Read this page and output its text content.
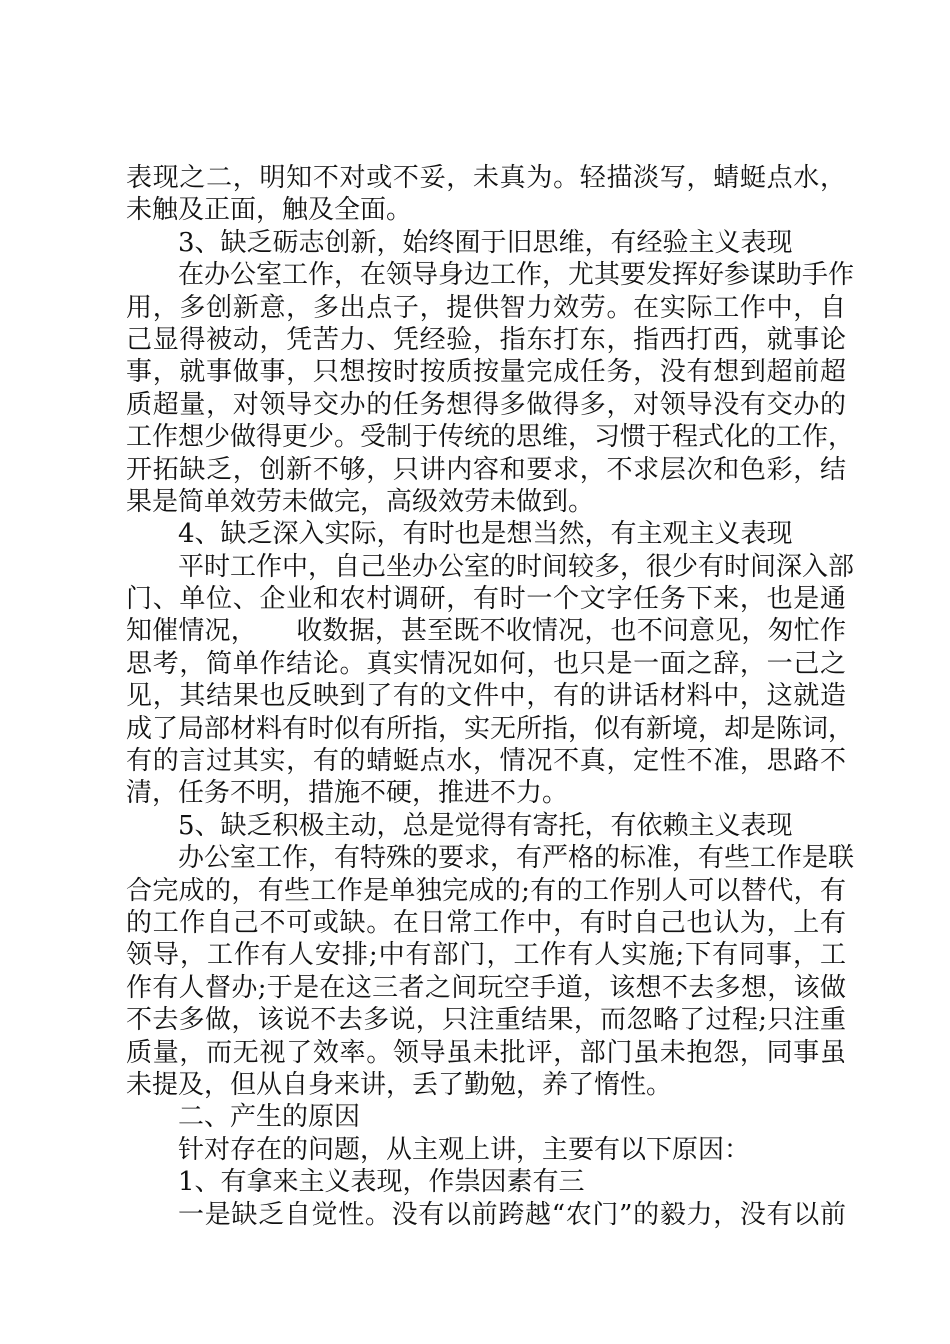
表现之二，明知不对或不妥，未真为。轻描淡写，蜻蜓点水，
未触及正面，触及全面。
3、缺乏砺志创新，始终囿于旧思维，有经验主义表现
在办公室工作，在领导身边工作，尤其要发挥好参谋助手作
用，多创新意，多出点子，提供智力效劳。在实际工作中，自
己显得被动，凭苦力、凭经验，指东打东，指西打西，就事论
事，就事做事，只想按时按质按量完成任务，没有想到超前超
质超量，对领导交办的任务想得多做得多，对领导没有交办的
工作想少做得更少。受制于传统的思维，习惯于程式化的工作，
开拓缺乏，创新不够，只讲内容和要求，不求层次和色彩，结
果是简单效劳未做完，高级效劳未做到。
4、缺乏深入实际，有时也是想当然，有主观主义表现
平时工作中，自己坐办公室的时间较多，很少有时间深入部
门、单位、企业和农村调研，有时一个文字任务下来，也是通
知催情况，　　收数据，甚至既不收情况，也不问意见，匆忙作
思考，简单作结论。真实情况如何，也只是一面之辞，一己之
见，其结果也反映到了有的文件中，有的讲话材料中，这就造
成了局部材料有时似有所指，实无所指，似有新境，却是陈词，
有的言过其实，有的蜻蜓点水，情况不真，定性不准，思路不
清，任务不明，措施不硬，推进不力。
5、缺乏积极主动，总是觉得有寄托，有依赖主义表现
办公室工作，有特殊的要求，有严格的标准，有些工作是联
合完成的，有些工作是单独完成的;有的工作别人可以替代，有
的工作自己不可或缺。在日常工作中，有时自己也认为，上有
领导，工作有人安排;中有部门，工作有人实施;下有同事，工
作有人督办;于是在这三者之间玩空手道，该想不去多想，该做
不去多做，该说不去多说，只注重结果，而忽略了过程;只注重
质量，而无视了效率。领导虽未批评，部门虽未抱怨，同事虽
未提及，但从自身来讲，丢了勤勉，养了惰性。
二、产生的原因
针对存在的问题，从主观上讲，主要有以下原因：
1、有拿来主义表现，作祟因素有三
一是缺乏自觉性。没有以前跨越“农门”的毅力，没有以前
